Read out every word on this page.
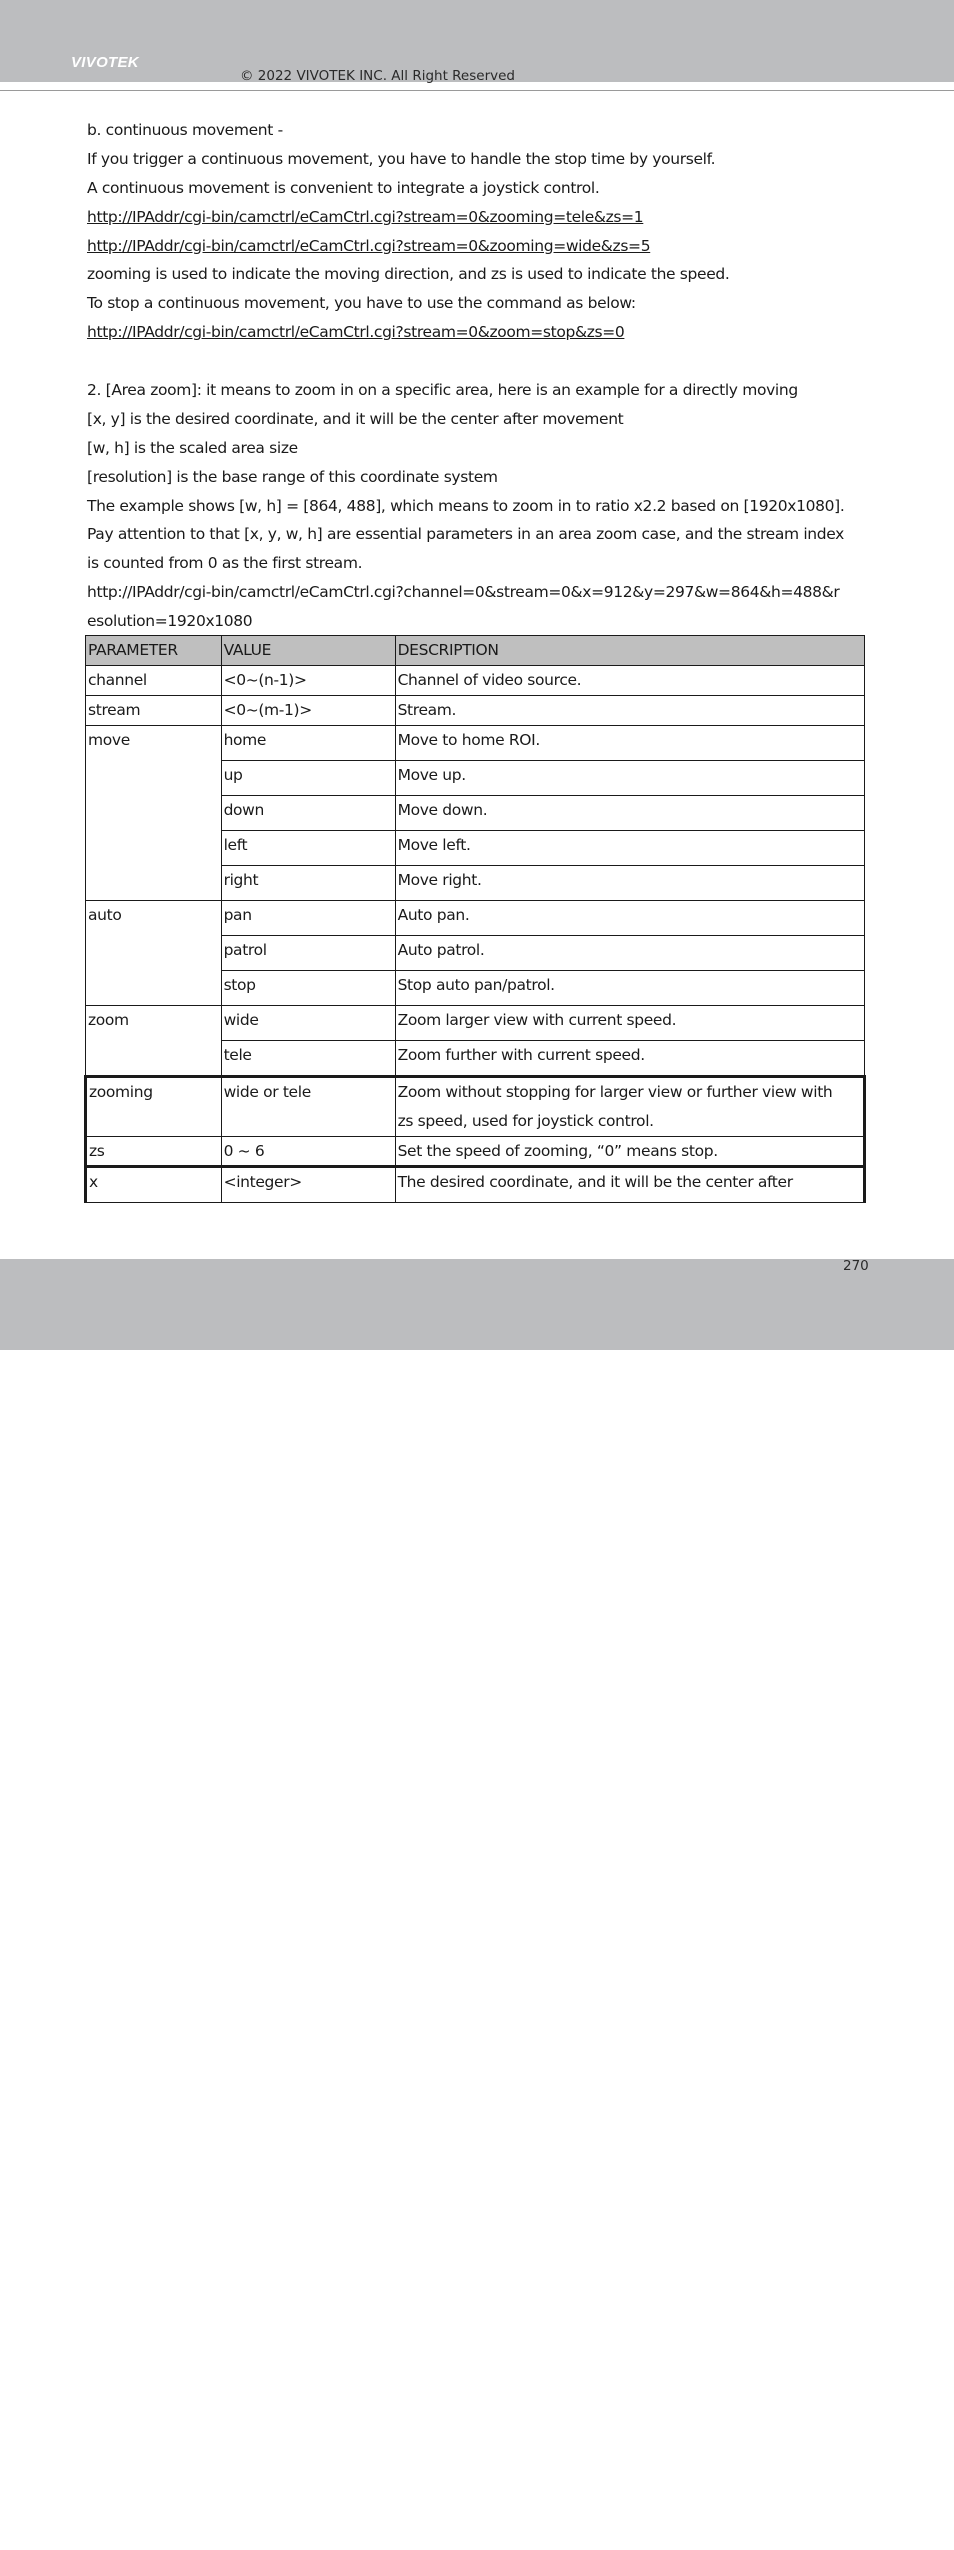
VIVOTEK
© 2022 VIVOTEK INC. All Right Reserved
b. continuous movement -
If you trigger a continuous movement, you have to handle the stop time by yourself.
A continuous movement is convenient to integrate a joystick control.
http://IPAddr/cgi-bin/camctrl/eCamCtrl.cgi?stream=0&zooming=tele&zs=1
http://IPAddr/cgi-bin/camctrl/eCamCtrl.cgi?stream=0&zooming=wide&zs=5
zooming is used to indicate the moving direction, and zs is used to indicate the speed.
To stop a continuous movement, you have to use the command as below:
http://IPAddr/cgi-bin/camctrl/eCamCtrl.cgi?stream=0&zoom=stop&zs=0
2. [Area zoom]: it means to zoom in on a specific area, here is an example for a directly moving
[x, y] is the desired coordinate, and it will be the center after movement
[w, h] is the scaled area size
[resolution] is the base range of this coordinate system
The example shows [w, h] = [864, 488], which means to zoom in to ratio x2.2 based on [1920x1080].
Pay attention to that [x, y, w, h] are essential parameters in an area zoom case, and the stream index
is counted from 0 as the first stream.
http://IPAddr/cgi-bin/camctrl/eCamCtrl.cgi?channel=0&stream=0&x=912&y=297&w=864&h=488&r
esolution=1920x1080
PARAMETER	VALUE	DESCRIPTION
channel	<0~(n-1)>	Channel of video source.

stream	<0~(m-1)>	Stream.

move	home	Move to home ROI.

	up	Move up.

	down	Move down.

	left	Move left.

	right	Move right.

auto	pan	Auto pan.

	patrol	Auto patrol.

	stop	Stop auto pan/patrol.

zoom	wide	Zoom larger view with current speed.

	tele	Zoom further with current speed.

zooming	wide or tele	Zoom without stopping for larger view or further view with
zs speed, used for joystick control.

zs	0 ~ 6	Set the speed of zooming, “0” means stop.

x	<integer>	The desired coordinate, and it will be the center after
400 - User's Manual
270
